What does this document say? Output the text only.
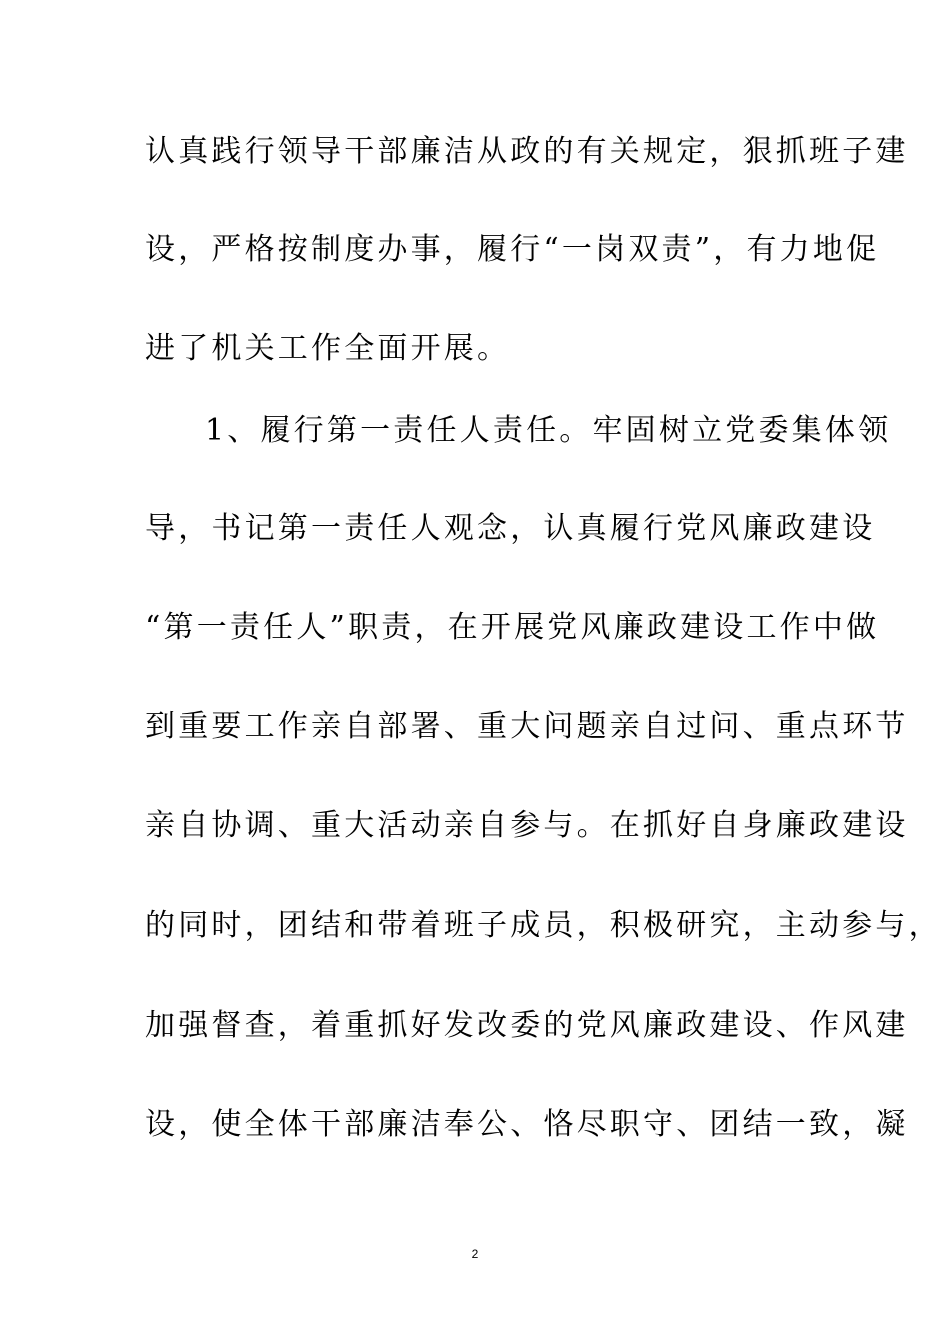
认真践行领导干部廉洁从政的有关规定，狠抓班子建
设，严格按制度办事，履行“一岗双责”，有力地促
进了机关工作全面开展。
1、履行第一责任人责任。牢固树立党委集体领
导，书记第一责任人观念，认真履行党风廉政建设
“第一责任人”职责，在开展党风廉政建设工作中做
到重要工作亲自部署、重大问题亲自过问、重点环节
亲自协调、重大活动亲自参与。在抓好自身廉政建设
的同时，团结和带着班子成员，积极研究，主动参与，
加强督查，着重抓好发改委的党风廉政建设、作风建
设，使全体干部廉洁奉公、恪尽职守、团结一致，凝
2
